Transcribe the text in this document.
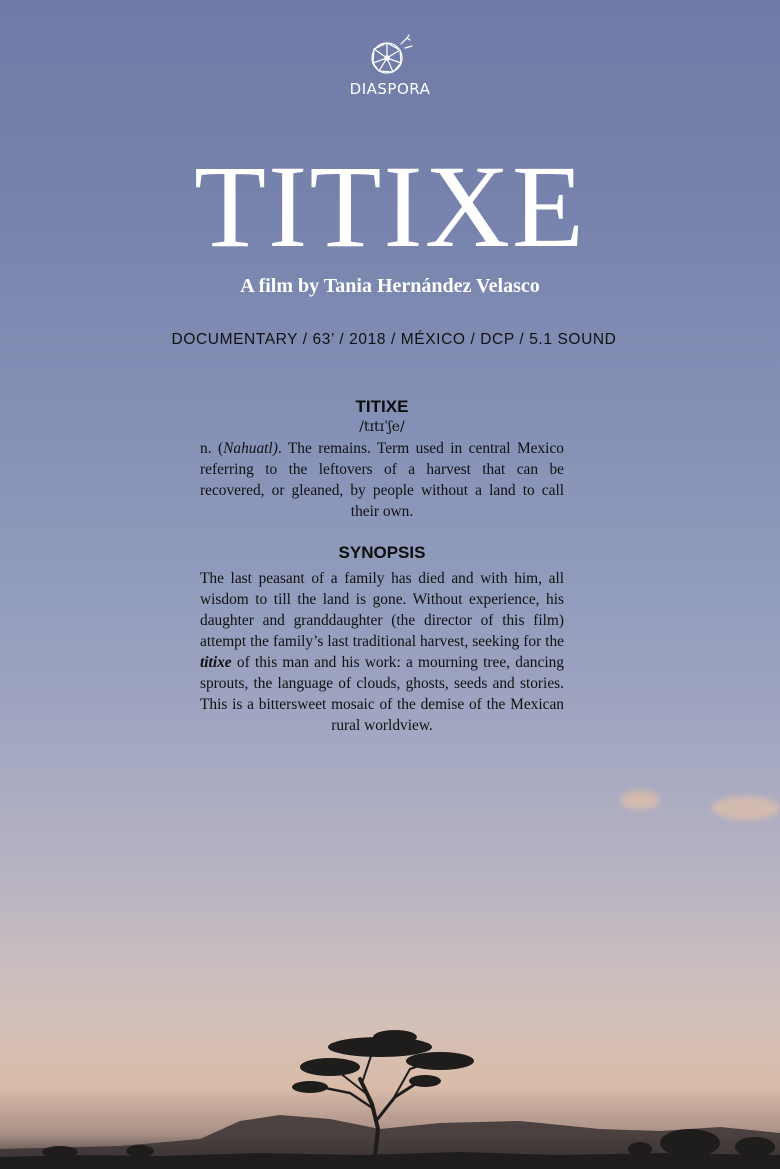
DIASPORA
TITIXE
A film by Tania Hernández Velasco
DOCUMENTARY / 63’ / 2018 / MÉXICO / DCP / 5.1 SOUND
TITIXE
/tɪtɪˈʃe/
n. (Nahuatl). The remains. Term used in central Mexico referring to the leftovers of a harvest that can be recovered, or gleaned, by people without a land to call their own.
SYNOPSIS
The last peasant of a family has died and with him, all wisdom to till the land is gone. Without experience, his daughter and granddaughter (the director of this film) attempt the family’s last traditional harvest, seeking for the titixe of this man and his work: a mourning tree, dancing sprouts, the language of clouds, ghosts, seeds and stories. This is a bittersweet mosaic of the demise of the Mexican rural worldview.
